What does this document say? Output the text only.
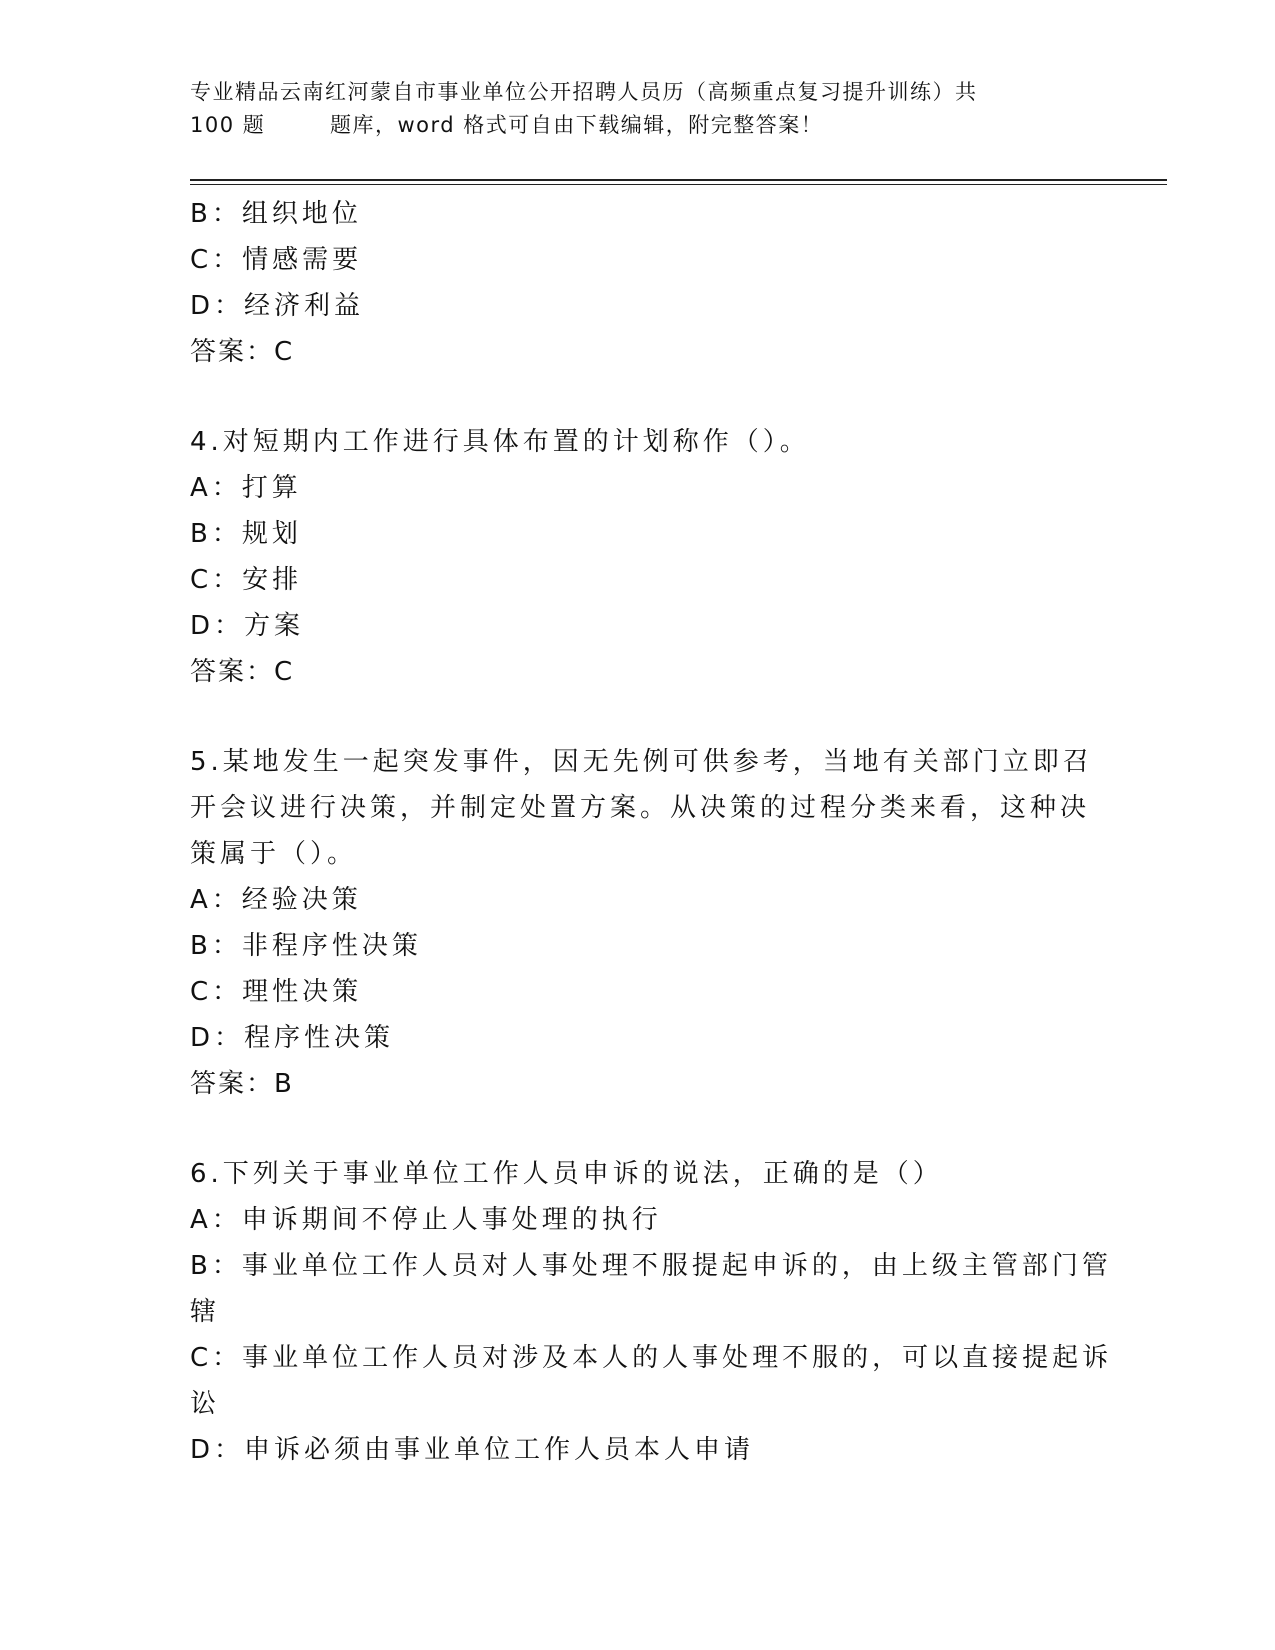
专业精品云南红河蒙自市事业单位公开招聘人员历（高频重点复习提升训练）共
100 题	题库，word 格式可自由下载编辑，附完整答案！
B：组织地位
C：情感需要
D：经济利益
答案：C
4.对短期内工作进行具体布置的计划称作（）。
A：打算
B：规划
C：安排
D：方案
答案：C
5.某地发生一起突发事件，因无先例可供参考，当地有关部门立即召
开会议进行决策，并制定处置方案。从决策的过程分类来看，这种决
策属于（）。
A：经验决策
B：非程序性决策
C：理性决策
D：程序性决策
答案：B
6.下列关于事业单位工作人员申诉的说法，正确的是（）
A：申诉期间不停止人事处理的执行
B：事业单位工作人员对人事处理不服提起申诉的，由上级主管部门管
辖
C：事业单位工作人员对涉及本人的人事处理不服的，可以直接提起诉
讼
D：申诉必须由事业单位工作人员本人申请
